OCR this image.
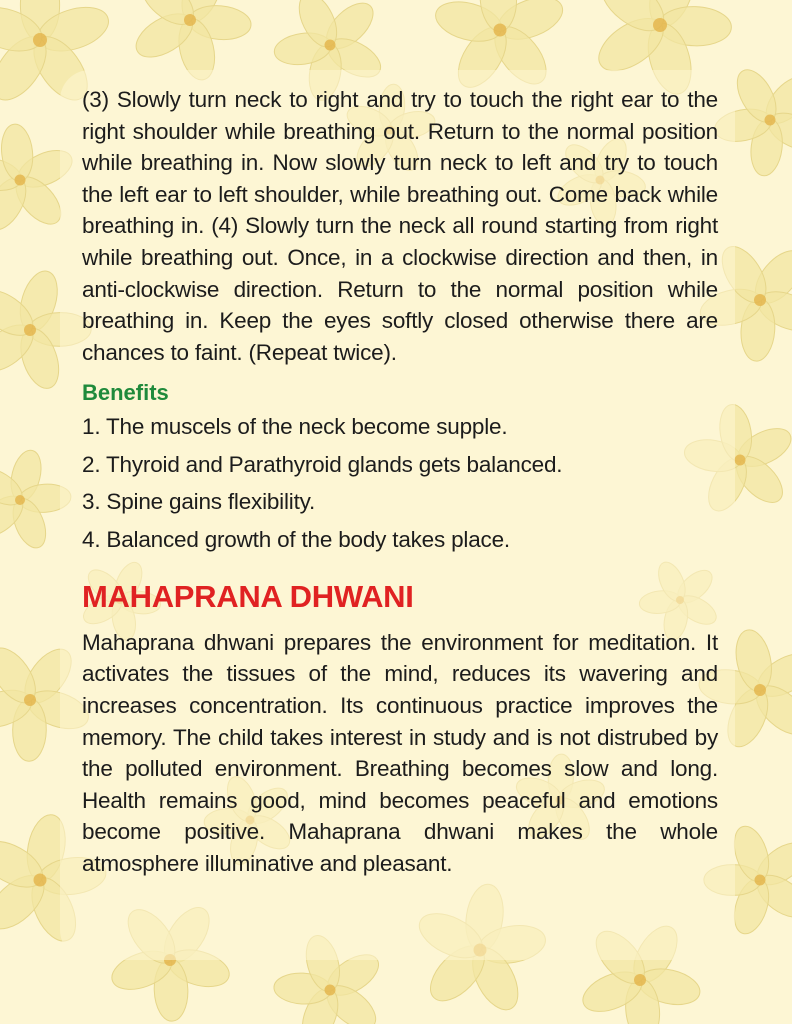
(3) Slowly turn neck to right and try to touch the right ear to the right shoulder while breathing out. Return to the normal position while breathing in. Now slowly turn neck to left and try to touch the left ear to left shoulder, while breathing out. Come back while breathing in. (4) Slowly turn the neck all round starting from right while breathing out. Once, in a clockwise direction and then, in anti-clockwise direction. Return to the normal position while breathing in. Keep the eyes softly closed otherwise there are chances to faint. (Repeat twice).

Benefits
1. The muscels of the neck become supple.
2. Thyroid and Parathyroid glands gets balanced.
3. Spine gains flexibility.
4. Balanced growth of the body takes place.
MAHAPRANA DHWANI

Mahaprana dhwani prepares the environment for meditation. It activates the tissues of the mind, reduces its wavering and increases concentration. Its continuous practice improves the memory. The child takes interest in study and is not distrubed by the polluted environment. Breathing becomes slow and long. Health remains good, mind becomes peaceful and emotions become positive. Mahaprana dhwani makes the whole atmosphere illuminative and pleasant.
